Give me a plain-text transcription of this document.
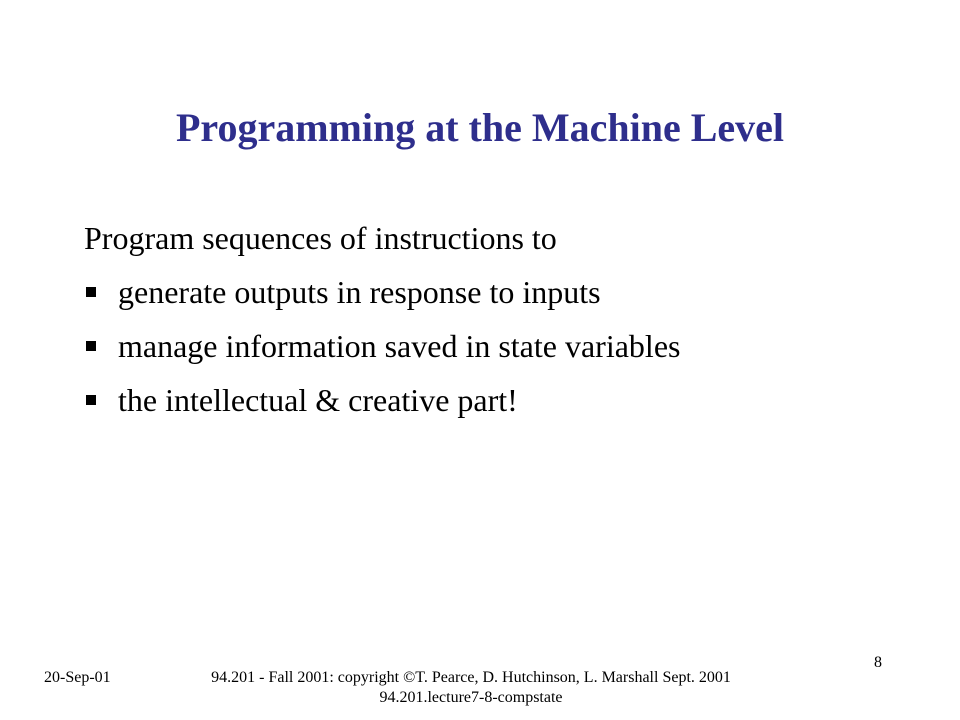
Programming at the Machine Level
Program sequences of instructions to
generate outputs in response to inputs
manage information saved in state variables
the intellectual & creative part!
8
20-Sep-01	94.201 - Fall 2001: copyright ©T. Pearce, D. Hutchinson, L. Marshall Sept. 2001
94.201.lecture7-8-compstate
